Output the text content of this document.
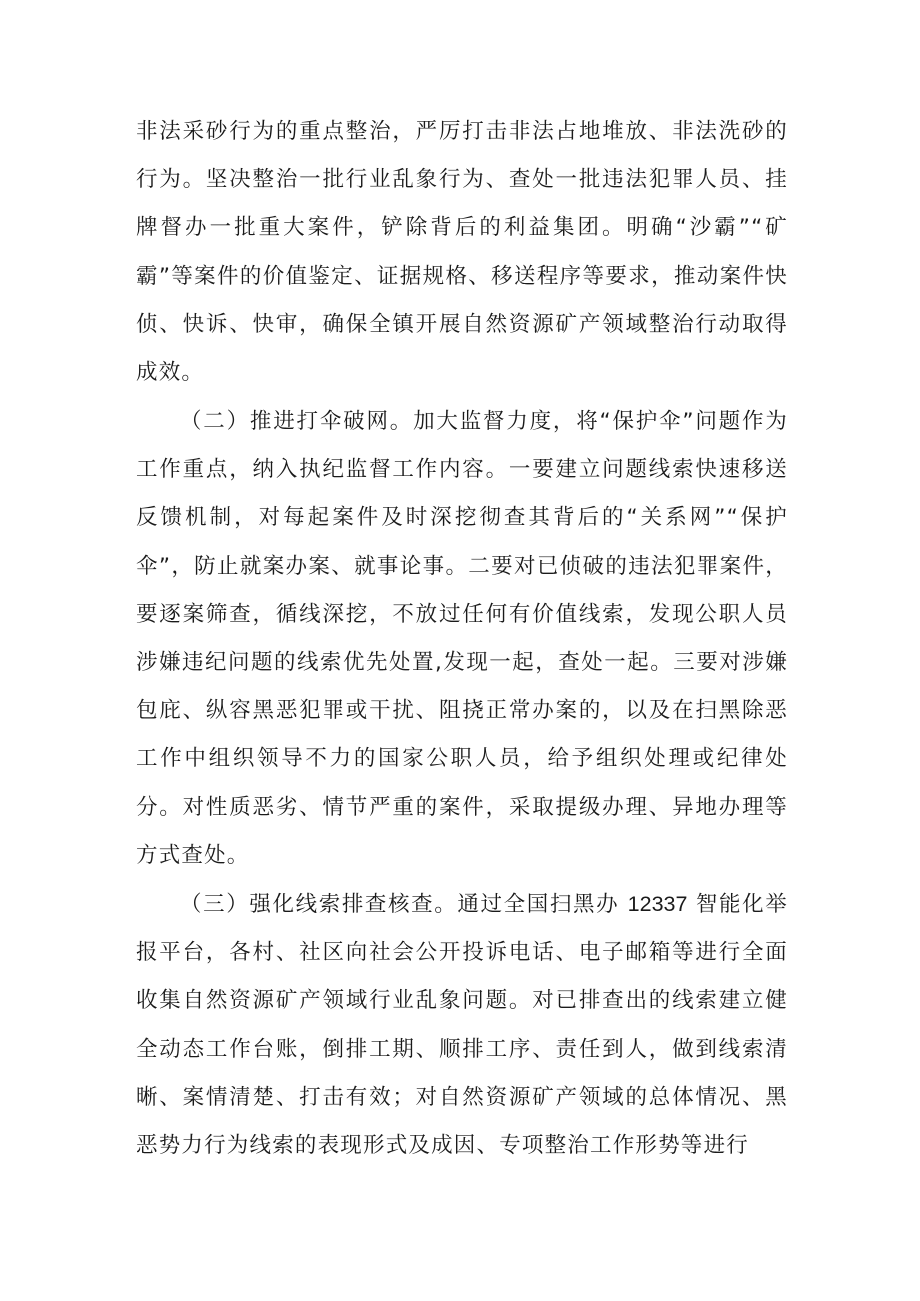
非法采砂行为的重点整治，严厉打击非法占地堆放、非法洗砂的行为。坚决整治一批行业乱象行为、查处一批违法犯罪人员、挂牌督办一批重大案件，铲除背后的利益集团。明确“沙霸”“矿霸”等案件的价值鉴定、证据规格、移送程序等要求，推动案件快侦、快诉、快审，确保全镇开展自然资源矿产领域整治行动取得成效。

（二）推进打伞破网。加大监督力度，将“保护伞”问题作为工作重点，纳入执纪监督工作内容。一要建立问题线索快速移送反馈机制，对每起案件及时深挖彻查其背后的“关系网”“保护伞”，防止就案办案、就事论事。二要对已侦破的违法犯罪案件，要逐案筛查，循线深挖，不放过任何有价值线索，发现公职人员涉嫌违纪问题的线索优先处置,发现一起，查处一起。三要对涉嫌包庇、纵容黑恶犯罪或干扰、阻挠正常办案的，以及在扫黑除恶工作中组织领导不力的国家公职人员，给予组织处理或纪律处分。对性质恶劣、情节严重的案件，采取提级办理、异地办理等方式查处。

（三）强化线索排查核查。通过全国扫黑办 12337 智能化举报平台，各村、社区向社会公开投诉电话、电子邮箱等进行全面收集自然资源矿产领域行业乱象问题。对已排查出的线索建立健全动态工作台账，倒排工期、顺排工序、责任到人，做到线索清晰、案情清楚、打击有效；对自然资源矿产领域的总体情况、黑恶势力行为线索的表现形式及成因、专项整治工作形势等进行
